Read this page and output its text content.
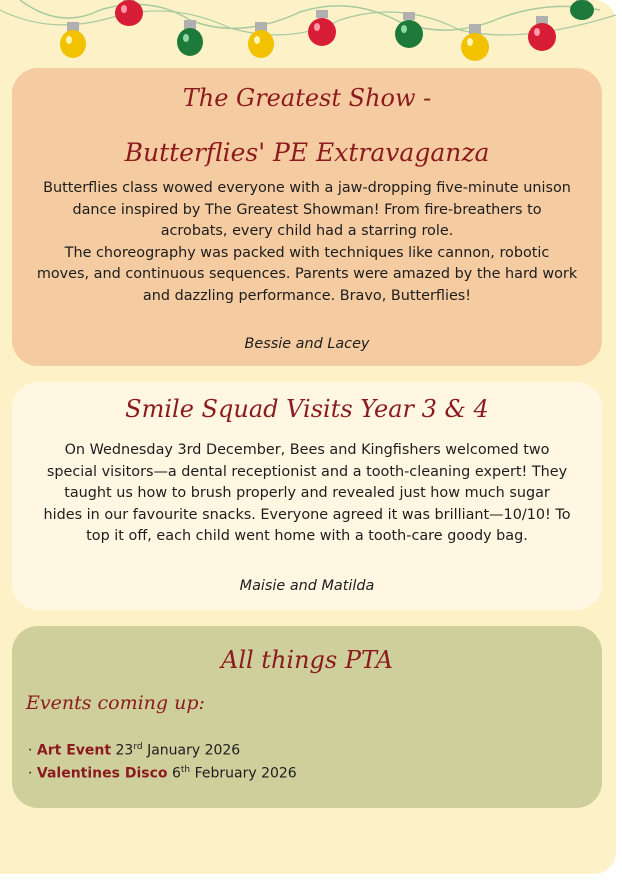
The Greatest Show -
Butterflies' PE Extravaganza
Butterflies class wowed everyone with a jaw-dropping five-minute unison
dance inspired by The Greatest Showman! From fire-breathers to
acrobats, every child had a starring role.
The choreography was packed with techniques like cannon, robotic
moves, and continuous sequences. Parents were amazed by the hard work
and dazzling performance. Bravo, Butterflies!
Bessie and Lacey
Smile Squad Visits Year 3 & 4
On Wednesday 3rd December, Bees and Kingfishers welcomed two
special visitors—a dental receptionist and a tooth-cleaning expert! They
taught us how to brush properly and revealed just how much sugar
hides in our favourite snacks. Everyone agreed it was brilliant—10/10! To
top it off, each child went home with a tooth-care goody bag.
Maisie and Matilda
All things PTA
Events coming up:
· Art Event 23rd January 2026
· Valentines Disco 6th February 2026
